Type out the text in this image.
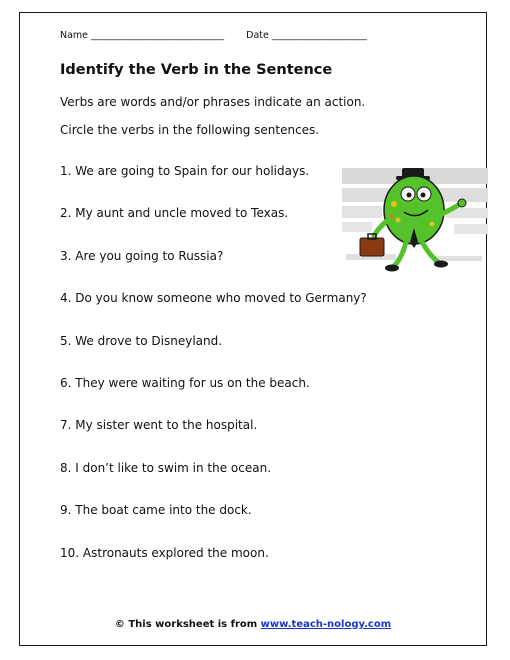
Name ____________________________ Date ____________________
Identify the Verb in the Sentence
Verbs are words and/or phrases indicate an action.
Circle the verbs in the following sentences.
1. We are going to Spain for our holidays.
2. My aunt and uncle moved to Texas.
3. Are you going to Russia?
4. Do you know someone who moved to Germany?
5. We drove to Disneyland.
6. They were waiting for us on the beach.
7. My sister went to the hospital.
8. I don’t like to swim in the ocean.
9. The boat came into the dock.
10. Astronauts explored the moon.
© This worksheet is from www.teach-nology.com
